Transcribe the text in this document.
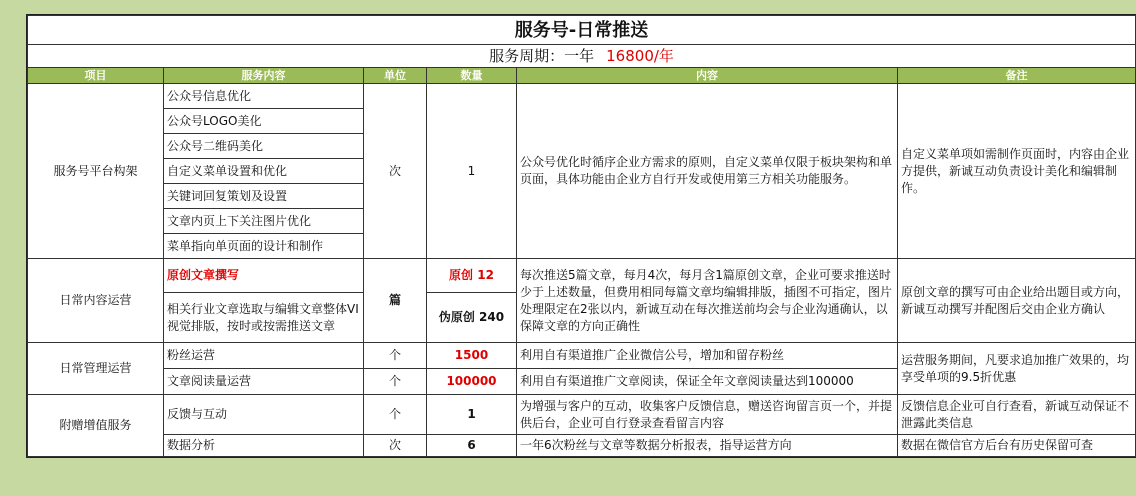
服务号-日常推送					
服务周期：一年 16800/年					
项目	服务内容	单位	数量	内容	备注
服务号平台构架	公众号信息优化	次	1	公众号优化时循序企业方需求的原则，自定义菜单仅限于板块架构和单页面，具体功能由企业方自行开发或使用第三方相关功能服务。	自定义菜单项如需制作页面时，内容由企业方提供，新诚互动负责设计美化和编辑制作。
	公众号LOGO美化				
	公众号二维码美化				
	自定义菜单设置和优化				
	关键词回复策划及设置				
	文章内页上下关注图片优化				
	菜单指向单页面的设计和制作				
日常内容运营	原创文章撰写	篇	原创 12	每次推送5篇文章，每月4次，每月含1篇原创文章，企业可要求推送时少于上述数量，但费用相同每篇文章均编辑排版，插图不可指定，图片处理限定在2张以内，新诚互动在每次推送前均会与企业沟通确认，以保障文章的方向正确性	原创文章的撰写可由企业给出题目或方向，新诚互动撰写并配图后交由企业方确认
	相关行业文章选取与编辑文章整体VI视觉排版，按时或按需推送文章		伪原创 240		
日常管理运营	粉丝运营	个	1500	利用自有渠道推广企业微信公号，增加和留存粉丝	运营服务期间，凡要求追加推广效果的，均享受单项的9.5折优惠
	文章阅读量运营	个	100000	利用自有渠道推广文章阅读，保证全年文章阅读量达到100000	
附赠增值服务	反馈与互动	个	1	为增强与客户的互动，收集客户反馈信息，赠送咨询留言页一个，并提供后台，企业可自行登录查看留言内容	反馈信息企业可自行查看，新诚互动保证不泄露此类信息
	数据分析	次	6	一年6次粉丝与文章等数据分析报表，指导运营方向	数据在微信官方后台有历史保留可查
